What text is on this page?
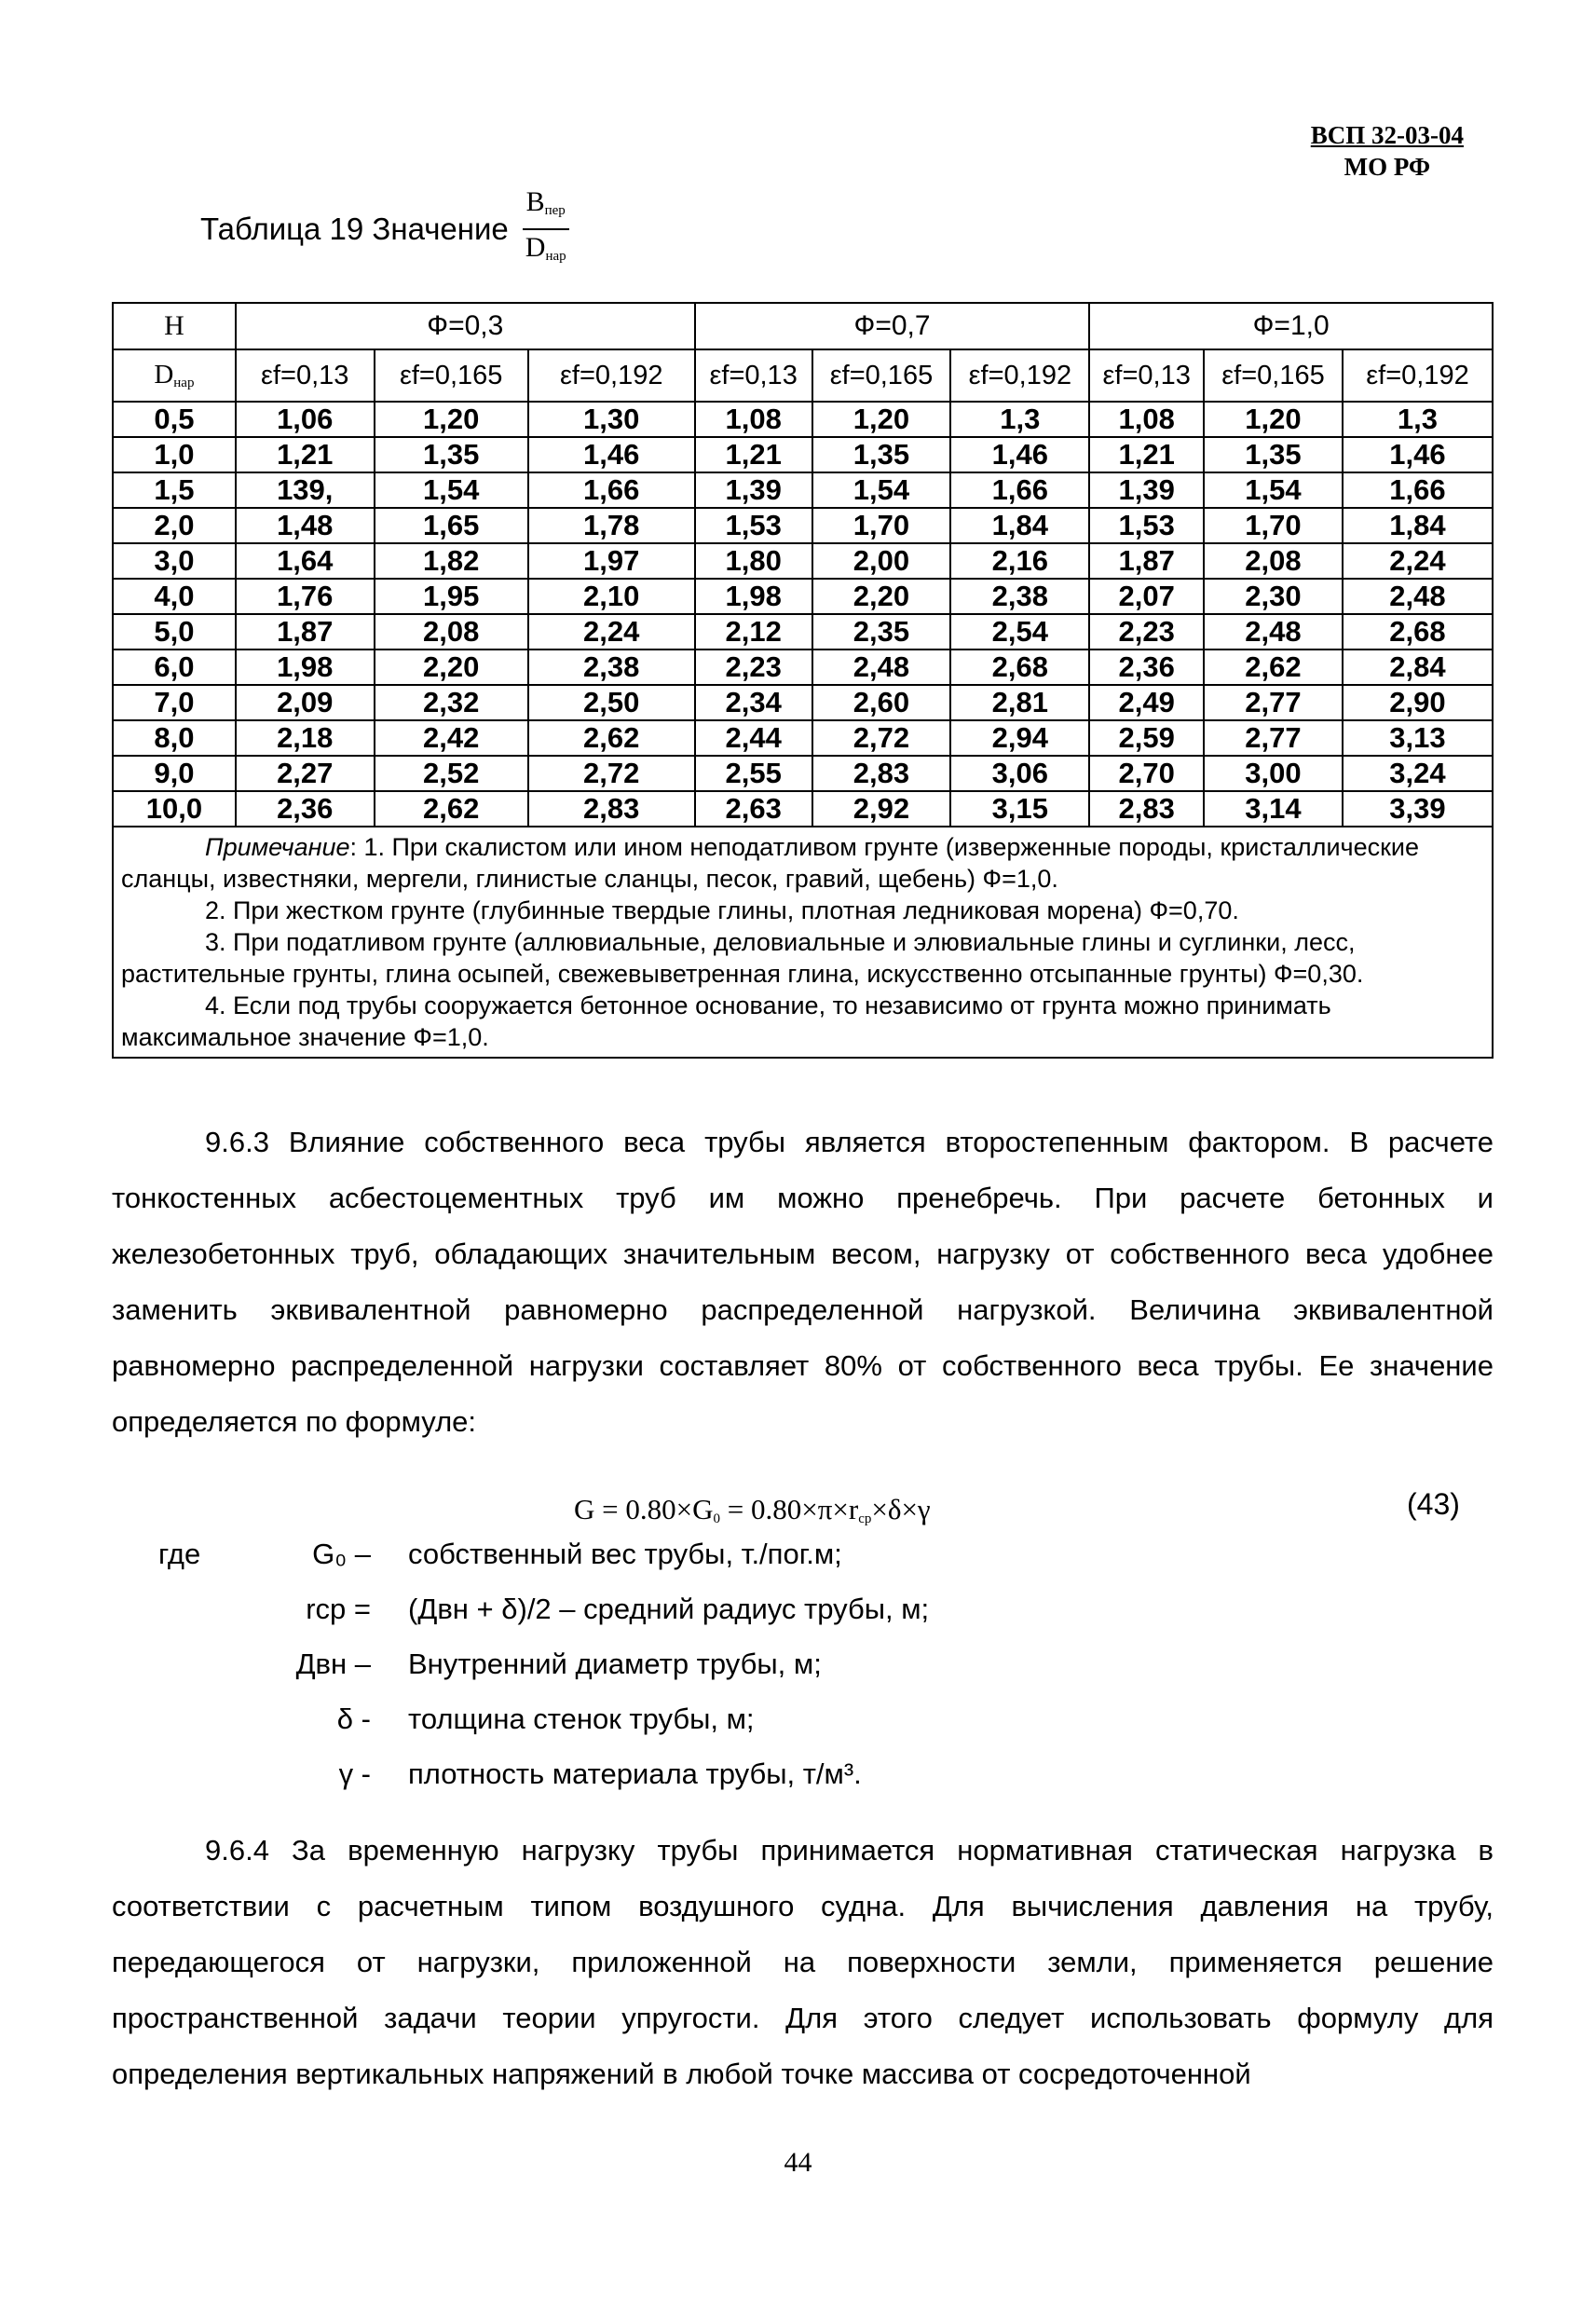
ВСП 32-03-04
МО РФ
Таблица 19 Значение $\frac{B_{пер}}{D_{нар}}$
H	Ф=0,3			Ф=0,7			Ф=1,0		
$D_{нар}$	εf=0,13	εf=0,165	εf=0,192	εf=0,13	εf=0,165	εf=0,192	εf=0,13	εf=0,165	εf=0,192
0,5	1,06	1,20	1,30	1,08	1,20	1,3	1,08	1,20	1,3
1,0	1,21	1,35	1,46	1,21	1,35	1,46	1,21	1,35	1,46
1,5	139,	1,54	1,66	1,39	1,54	1,66	1,39	1,54	1,66
2,0	1,48	1,65	1,78	1,53	1,70	1,84	1,53	1,70	1,84
3,0	1,64	1,82	1,97	1,80	2,00	2,16	1,87	2,08	2,24
4,0	1,76	1,95	2,10	1,98	2,20	2,38	2,07	2,30	2,48
5,0	1,87	2,08	2,24	2,12	2,35	2,54	2,23	2,48	2,68
6,0	1,98	2,20	2,38	2,23	2,48	2,68	2,36	2,62	2,84
7,0	2,09	2,32	2,50	2,34	2,60	2,81	2,49	2,77	2,90
8,0	2,18	2,42	2,62	2,44	2,72	2,94	2,59	2,77	3,13
9,0	2,27	2,52	2,72	2,55	2,83	3,06	2,70	3,00	3,24
10,0	2,36	2,62	2,83	2,63	2,92	3,15	2,83	3,14	3,39

Примечание: 1. При скалистом или ином неподатливом грунте (изверженные породы, кристаллические сланцы, известняки, мергели, глинистые сланцы, песок, гравий, щебень) Ф=1,0.

2. При жестком грунте (глубинные твердые глины, плотная ледниковая морена) Ф=0,70.

3. При податливом грунте (аллювиальные, деловиальные и элювиальные глины и суглинки, лесс, растительные грунты, глина осыпей, свежевыветренная глина, искусственно отсыпанные грунты) Ф=0,30.

4. Если под трубы сооружается бетонное основание, то независимо от грунта можно принимать максимальное значение Ф=1,0.									

9.6.3 Влияние собственного веса трубы является второстепенным фактором. В расчете тонкостенных асбестоцементных труб им можно пренебречь. При расчете бетонных и железобетонных труб, обладающих значительным весом, нагрузку от собственного веса удобнее заменить эквивалентной равномерно распределенной нагрузкой. Величина эквивалентной равномерно распределенной нагрузки составляет 80% от собственного веса трубы. Ее значение определяется по формуле:

$G = 0.80\times G_0 = 0.80\times\pi\times r_{ср}\times\delta\times\gamma$	(43)
где	G₀ –	собственный вес трубы, т./пог.м;
rср =	(Двн + δ)/2 – средний радиус трубы, м;
Двн –	Внутренний диаметр трубы, м;
δ -	толщина стенок трубы, м;
γ -	плотность материала трубы, т/м³.

9.6.4 За временную нагрузку трубы принимается нормативная статическая нагрузка в соответствии с расчетным типом воздушного судна. Для вычисления давления на трубу, передающегося от нагрузки, приложенной на поверхности земли, применяется решение пространственной задачи теории упругости. Для этого следует использовать формулу для определения вертикальных напряжений в любой точке массива от сосредоточенной

44
